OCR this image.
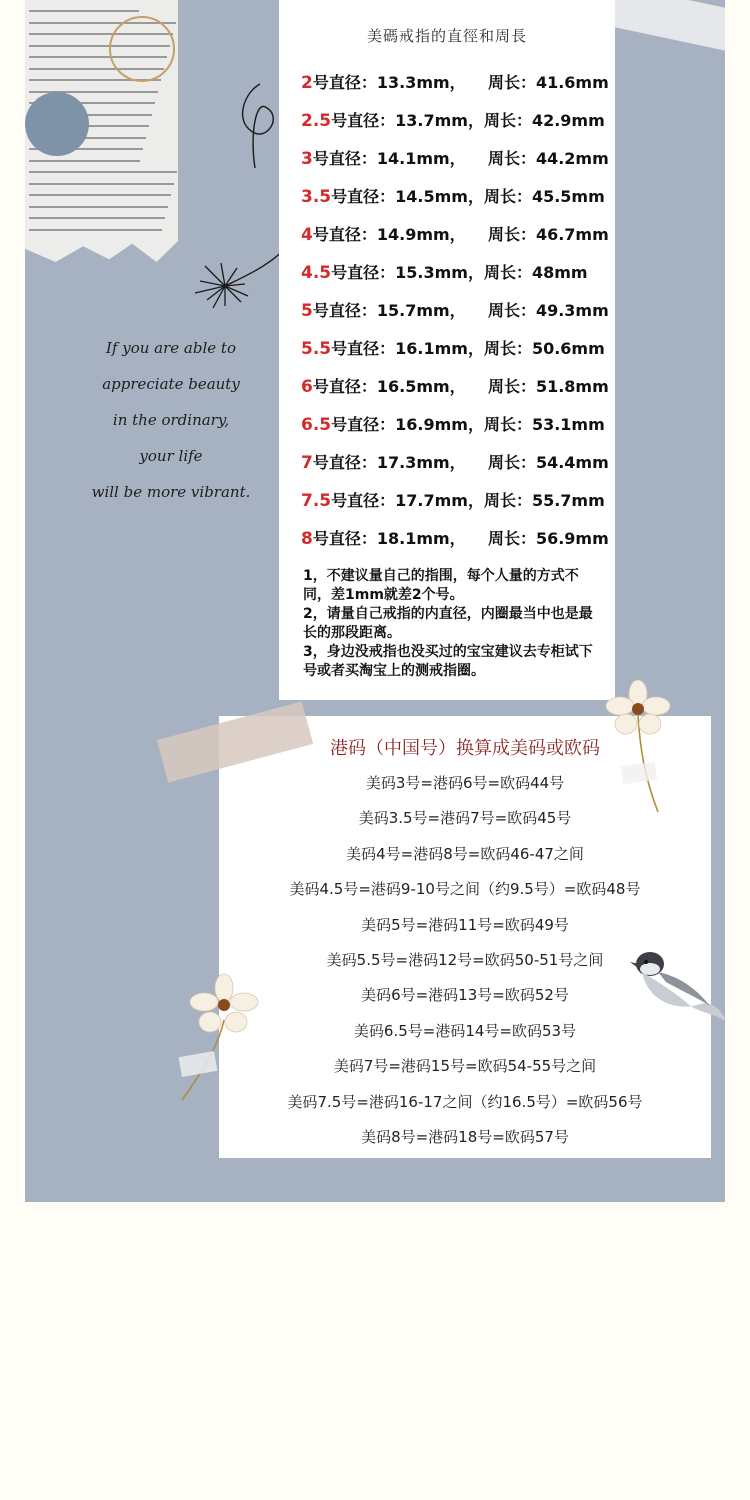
If you are able to
appreciate beauty
in the ordinary,
your life
will be more vibrant.
美碼戒指的直徑和周長
2号直径：13.3mm，    周长：41.6mm
2.5号直径：13.7mm，周长：42.9mm
3号直径：14.1mm，    周长：44.2mm
3.5号直径：14.5mm，周长：45.5mm
4号直径：14.9mm，    周长：46.7mm
4.5号直径：15.3mm，周长：48mm
5号直径：15.7mm，    周长：49.3mm
5.5号直径：16.1mm，周长：50.6mm
6号直径：16.5mm，    周长：51.8mm
6.5号直径：16.9mm，周长：53.1mm
7号直径：17.3mm，    周长：54.4mm
7.5号直径：17.7mm，周长：55.7mm
8号直径：18.1mm，    周长：56.9mm

1，不建议量自己的指围，每个人量的方式不同，差1mm就差2个号。

2，请量自己戒指的内直径，内圈最当中也是最长的那段距离。

3，身边没戒指也没买过的宝宝建议去专柜试下号或者买淘宝上的测戒指圈。

港码（中国号）换算成美码或欧码
美码3号=港码6号=欧码44号
美码3.5号=港码7号=欧码45号
美码4号=港码8号=欧码46-47之间
美码4.5号=港码9-10号之间（约9.5号）=欧码48号
美码5号=港码11号=欧码49号
美码5.5号=港码12号=欧码50-51号之间
美码6号=港码13号=欧码52号
美码6.5号=港码14号=欧码53号
美码7号=港码15号=欧码54-55号之间
美码7.5号=港码16-17之间（约16.5号）=欧码56号
美码8号=港码18号=欧码57号
